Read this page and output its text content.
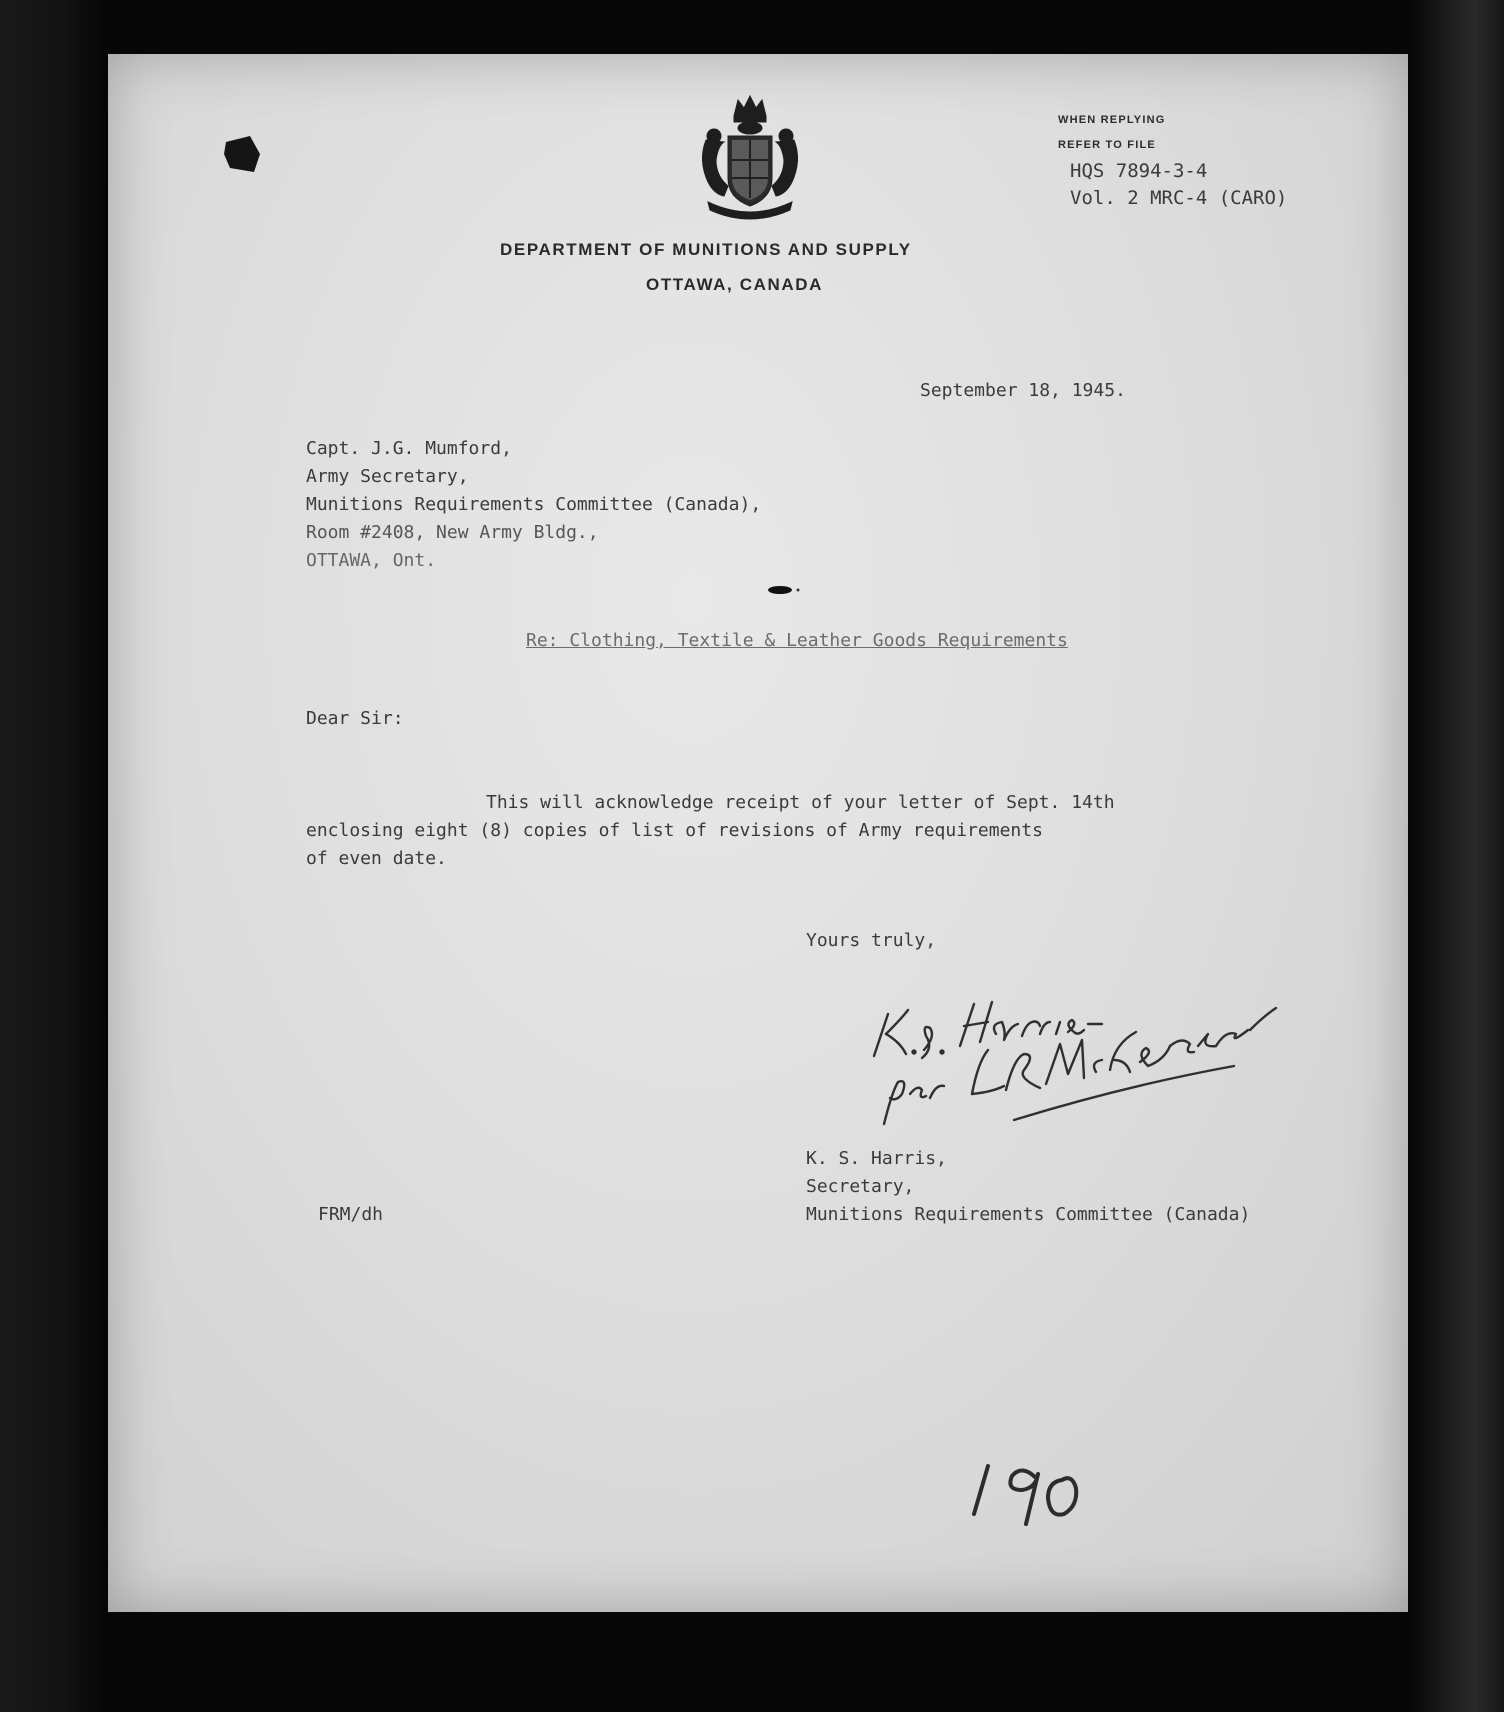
DEPARTMENT OF MUNITIONS AND SUPPLY
OTTAWA, CANADA
WHEN REPLYING
REFER TO FILE
HQS 7894-3-4
Vol. 2 MRC-4 (CARO)
September 18, 1945.
Capt. J.G. Mumford,
Army Secretary,
Munitions Requirements Committee (Canada),
Room #2408, New Army Bldg.,
OTTAWA, Ont.
Re: Clothing, Textile & Leather Goods Requirements
Dear Sir:
This will acknowledge receipt of your letter of Sept. 14th
enclosing eight (8) copies of list of revisions of Army requirements
of even date.
Yours truly,
K. S. Harris,
Secretary,
Munitions Requirements Committee (Canada)
FRM/dh
